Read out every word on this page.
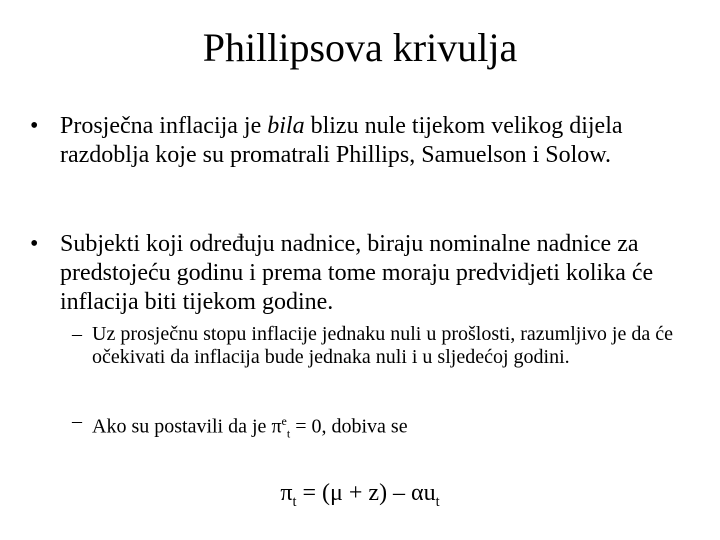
Phillipsova krivulja
• Prosječna inflacija je bila blizu nule tijekom velikog dijela razdoblja koje su promatrali Phillips, Samuelson i Solow.
• Subjekti koji određuju nadnice, biraju nominalne nadnice za predstojeću godinu i prema tome moraju predvidjeti kolika će inflacija biti tijekom godine.
– Uz prosječnu stopu inflacije jednaku nuli u prošlosti, razumljivo je da će očekivati da inflacija bude jednaka nuli i u sljedećoj godini.
– Ako su postavili da je $\pi^e_t = 0$, dobiva se
$\pi_t = (\mu + z) - \alpha u_t$
